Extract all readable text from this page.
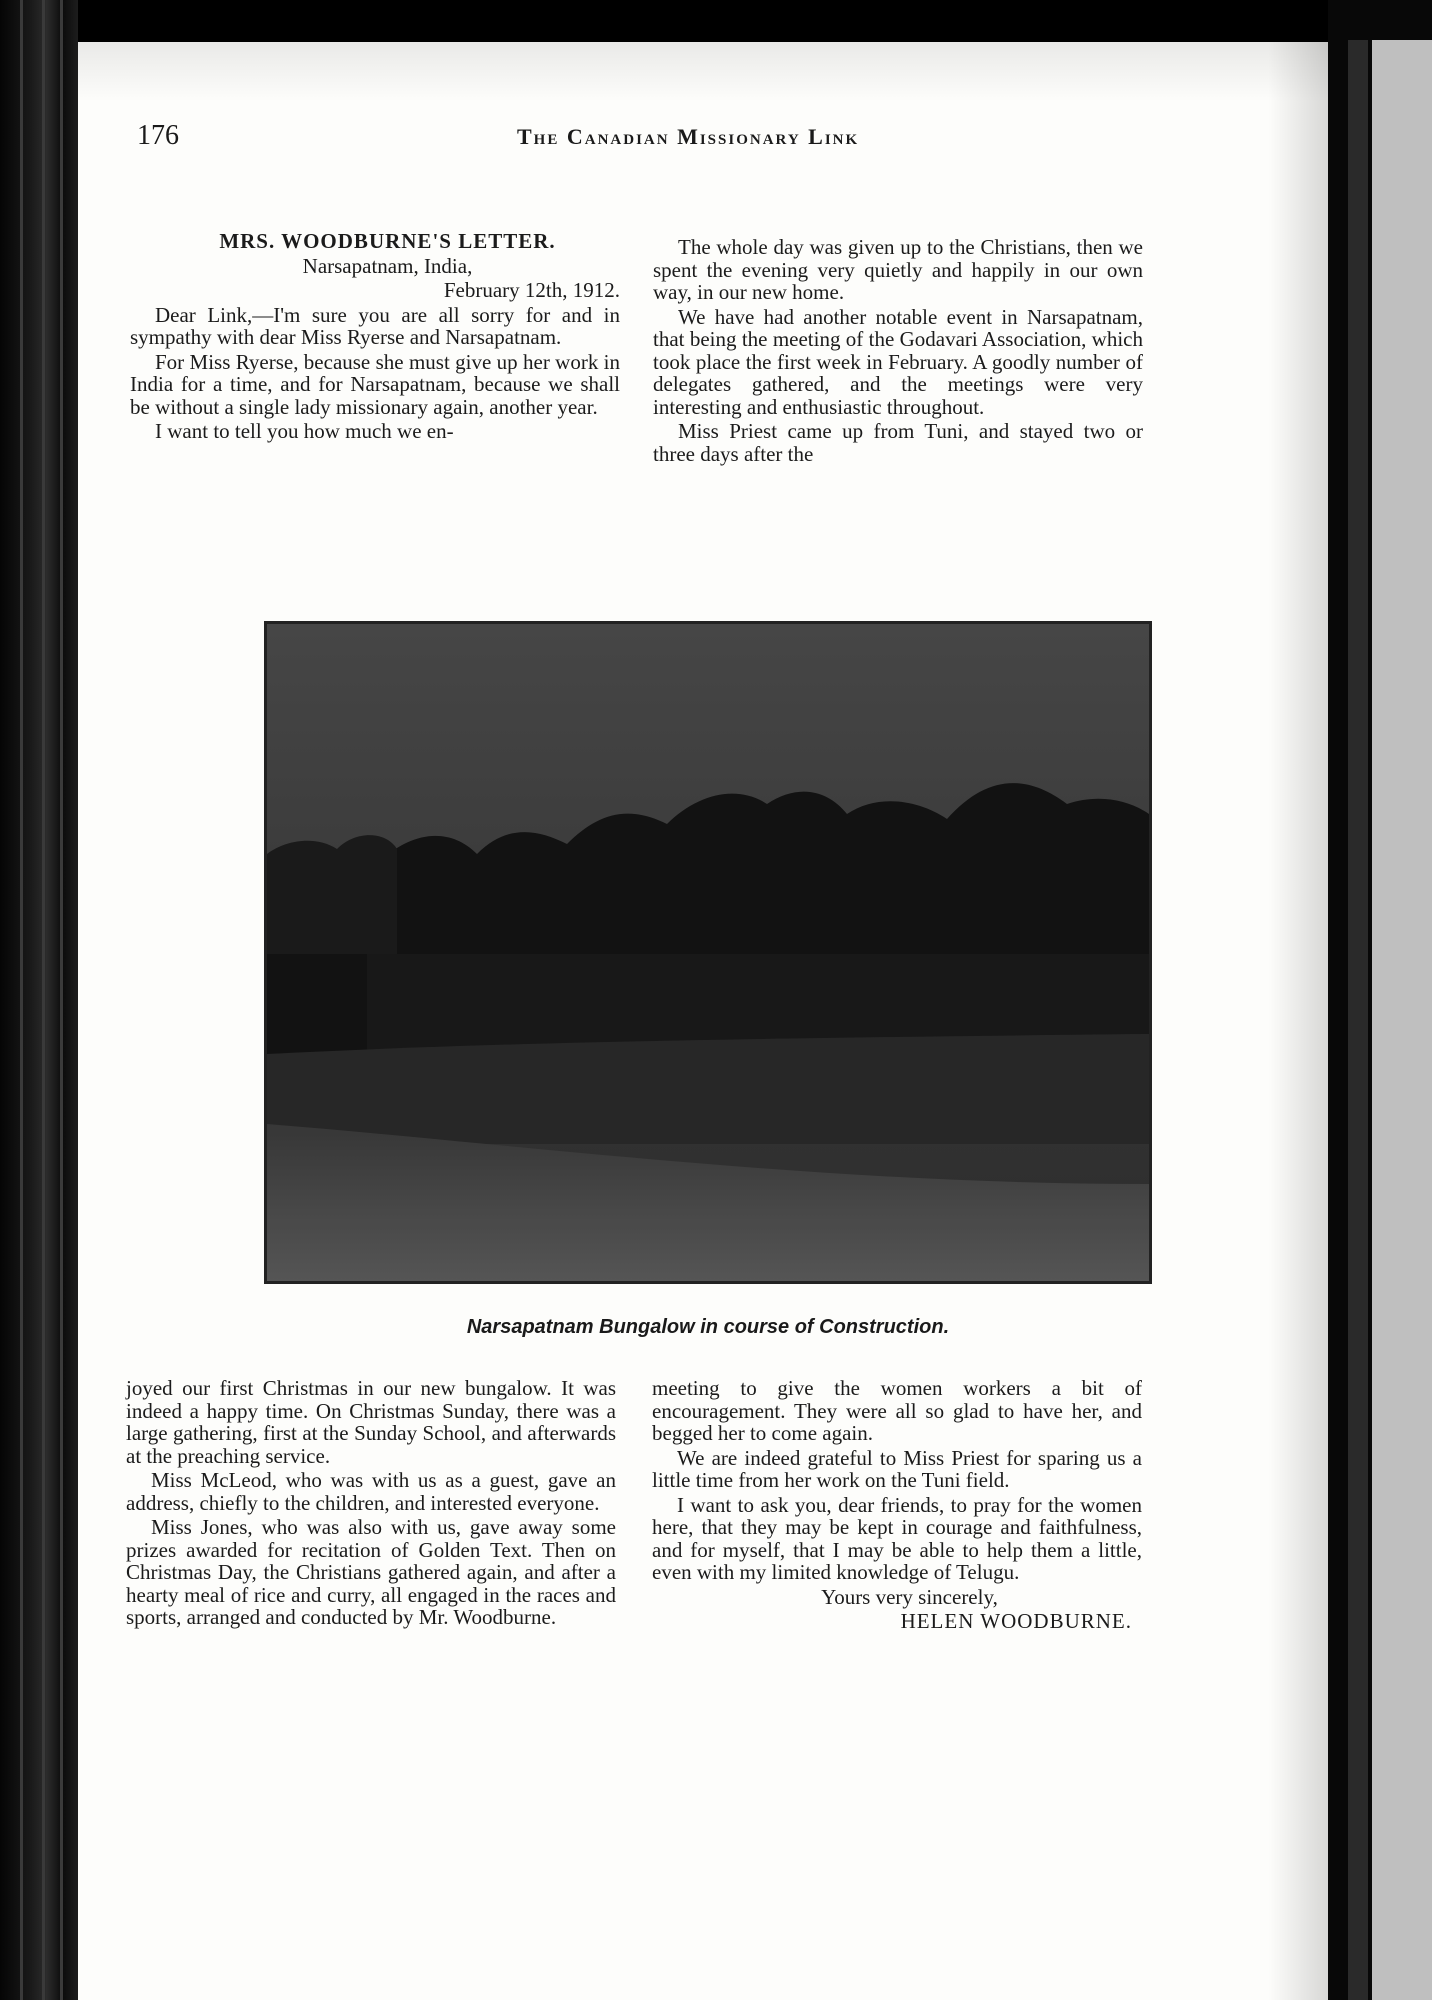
176	The Canadian Missionary Link

MRS. WOODBURNE'S LETTER.

Narsapatnam, India,

February 12th, 1912.

Dear Link,—I'm sure you are all sorry for and in sympathy with dear Miss Ryerse and Narsapatnam.

For Miss Ryerse, because she must give up her work in India for a time, and for Narsapatnam, because we shall be without a single lady missionary again, another year.

I want to tell you how much we en-

The whole day was given up to the Christians, then we spent the evening very quietly and happily in our own way, in our new home.

We have had another notable event in Narsapatnam, that being the meeting of the Godavari Association, which took place the first week in February. A goodly number of delegates gathered, and the meetings were very interesting and enthusiastic throughout.

Miss Priest came up from Tuni, and stayed two or three days after the

Narsapatnam Bungalow in course of Construction.

joyed our first Christmas in our new bungalow. It was indeed a happy time. On Christmas Sunday, there was a large gathering, first at the Sunday School, and afterwards at the preaching service.

Miss McLeod, who was with us as a guest, gave an address, chiefly to the children, and interested everyone.

Miss Jones, who was also with us, gave away some prizes awarded for recitation of Golden Text. Then on Christmas Day, the Christians gathered again, and after a hearty meal of rice and curry, all engaged in the races and sports, arranged and conducted by Mr. Woodburne.

meeting to give the women workers a bit of encouragement. They were all so glad to have her, and begged her to come again.

We are indeed grateful to Miss Priest for sparing us a little time from her work on the Tuni field.

I want to ask you, dear friends, to pray for the women here, that they may be kept in courage and faithfulness, and for myself, that I may be able to help them a little, even with my limited knowledge of Telugu.

Yours very sincerely,

HELEN WOODBURNE.
